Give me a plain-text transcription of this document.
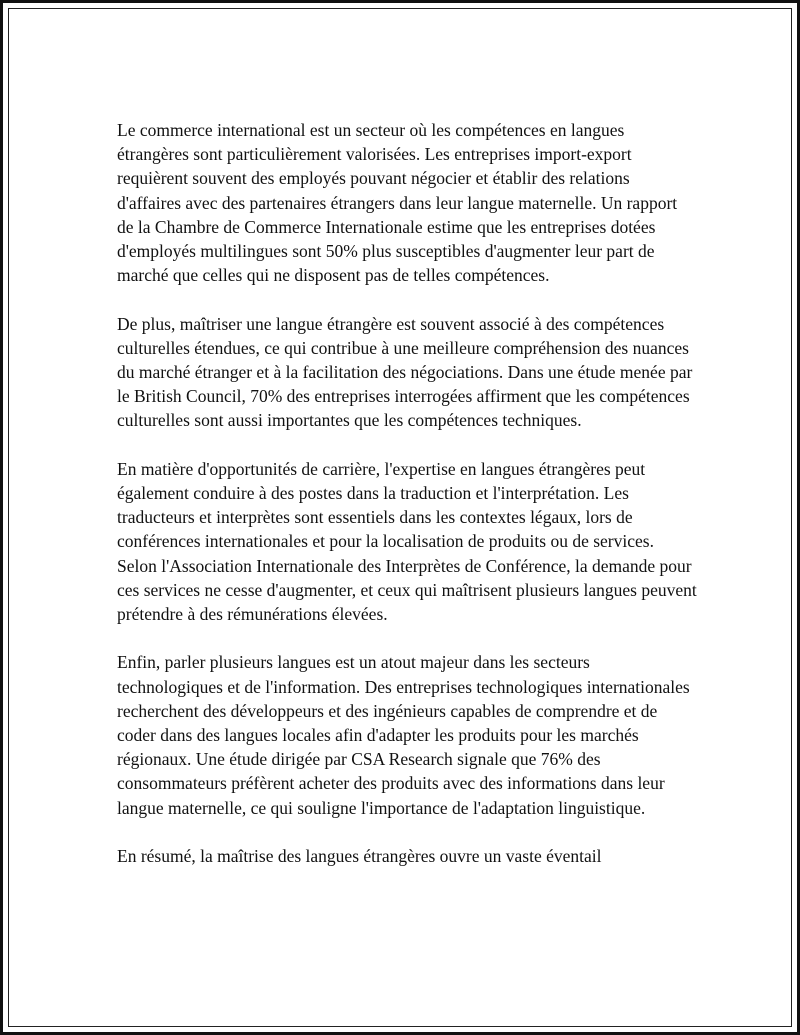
Le commerce international est un secteur où les compétences en langues étrangères sont particulièrement valorisées. Les entreprises import-export requièrent souvent des employés pouvant négocier et établir des relations d'affaires avec des partenaires étrangers dans leur langue maternelle. Un rapport de la Chambre de Commerce Internationale estime que les entreprises dotées d'employés multilingues sont 50% plus susceptibles d'augmenter leur part de marché que celles qui ne disposent pas de telles compétences.

De plus, maîtriser une langue étrangère est souvent associé à des compétences culturelles étendues, ce qui contribue à une meilleure compréhension des nuances du marché étranger et à la facilitation des négociations. Dans une étude menée par le British Council, 70% des entreprises interrogées affirment que les compétences culturelles sont aussi importantes que les compétences techniques.

En matière d'opportunités de carrière, l'expertise en langues étrangères peut également conduire à des postes dans la traduction et l'interprétation. Les traducteurs et interprètes sont essentiels dans les contextes légaux, lors de conférences internationales et pour la localisation de produits ou de services. Selon l'Association Internationale des Interprètes de Conférence, la demande pour ces services ne cesse d'augmenter, et ceux qui maîtrisent plusieurs langues peuvent prétendre à des rémunérations élevées.

Enfin, parler plusieurs langues est un atout majeur dans les secteurs technologiques et de l'information. Des entreprises technologiques internationales recherchent des développeurs et des ingénieurs capables de comprendre et de coder dans des langues locales afin d'adapter les produits pour les marchés régionaux. Une étude dirigée par CSA Research signale que 76% des consommateurs préfèrent acheter des produits avec des informations dans leur langue maternelle, ce qui souligne l'importance de l'adaptation linguistique.

En résumé, la maîtrise des langues étrangères ouvre un vaste éventail
